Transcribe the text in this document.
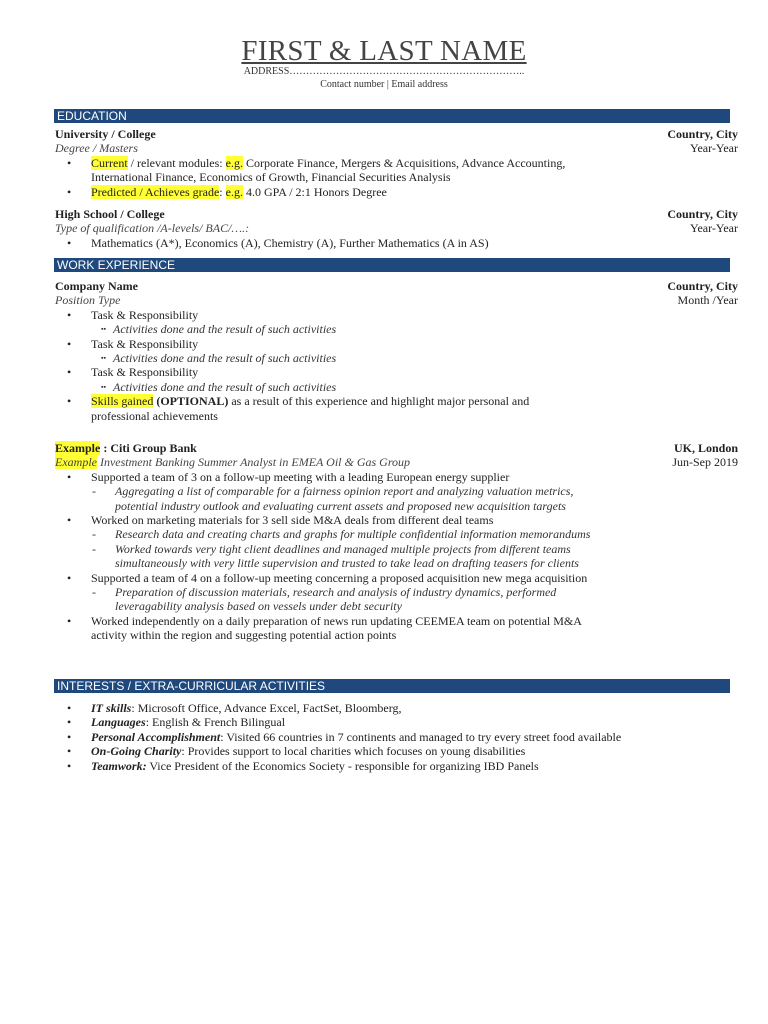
FIRST & LAST NAME
ADDRESS……………………………………………………………..
Contact number | Email address
EDUCATION
University / College	Country, City
Degree / Masters	Year-Year
• Current / relevant modules: e.g. Corporate Finance, Mergers & Acquisitions, Advance Accounting,
International Finance, Economics of Growth, Financial Securities Analysis
• Predicted / Achieves grade: e.g. 4.0 GPA / 2:1 Honors Degree
High School / College	Country, City
Type of qualification /A-levels/ BAC/….:	Year-Year
• Mathematics (A*), Economics (A), Chemistry (A), Further Mathematics (A in AS)
WORK EXPERIENCE
Company Name	Country, City
Position Type	Month /Year
• Task & Responsibility
▪▪ Activities done and the result of such activities
• Task & Responsibility
▪▪ Activities done and the result of such activities
• Task & Responsibility
▪▪ Activities done and the result of such activities
• Skills gained (OPTIONAL) as a result of this experience and highlight major personal and
professional achievements
Example : Citi Group Bank	UK, London
Example Investment Banking Summer Analyst in EMEA Oil & Gas Group	Jun-Sep 2019
• Supported a team of 3 on a follow-up meeting with a leading European energy supplier
- Aggregating a list of comparable for a fairness opinion report and analyzing valuation metrics,
potential industry outlook and evaluating current assets and proposed new acquisition targets
• Worked on marketing materials for 3 sell side M&A deals from different deal teams
- Research data and creating charts and graphs for multiple confidential information memorandums
- Worked towards very tight client deadlines and managed multiple projects from different teams
simultaneously with very little supervision and trusted to take lead on drafting teasers for clients
• Supported a team of 4 on a follow-up meeting concerning a proposed acquisition new mega acquisition
- Preparation of discussion materials, research and analysis of industry dynamics, performed
leveragability analysis based on vessels under debt security
• Worked independently on a daily preparation of news run updating CEEMEA team on potential M&A
activity within the region and suggesting potential action points
INTERESTS / EXTRA-CURRICULAR ACTIVITIES
• IT skills: Microsoft Office, Advance Excel, FactSet, Bloomberg,
• Languages: English & French Bilingual
• Personal Accomplishment: Visited 66 countries in 7 continents and managed to try every street food available
• On-Going Charity: Provides support to local charities which focuses on young disabilities
• Teamwork: Vice President of the Economics Society - responsible for organizing IBD Panels
